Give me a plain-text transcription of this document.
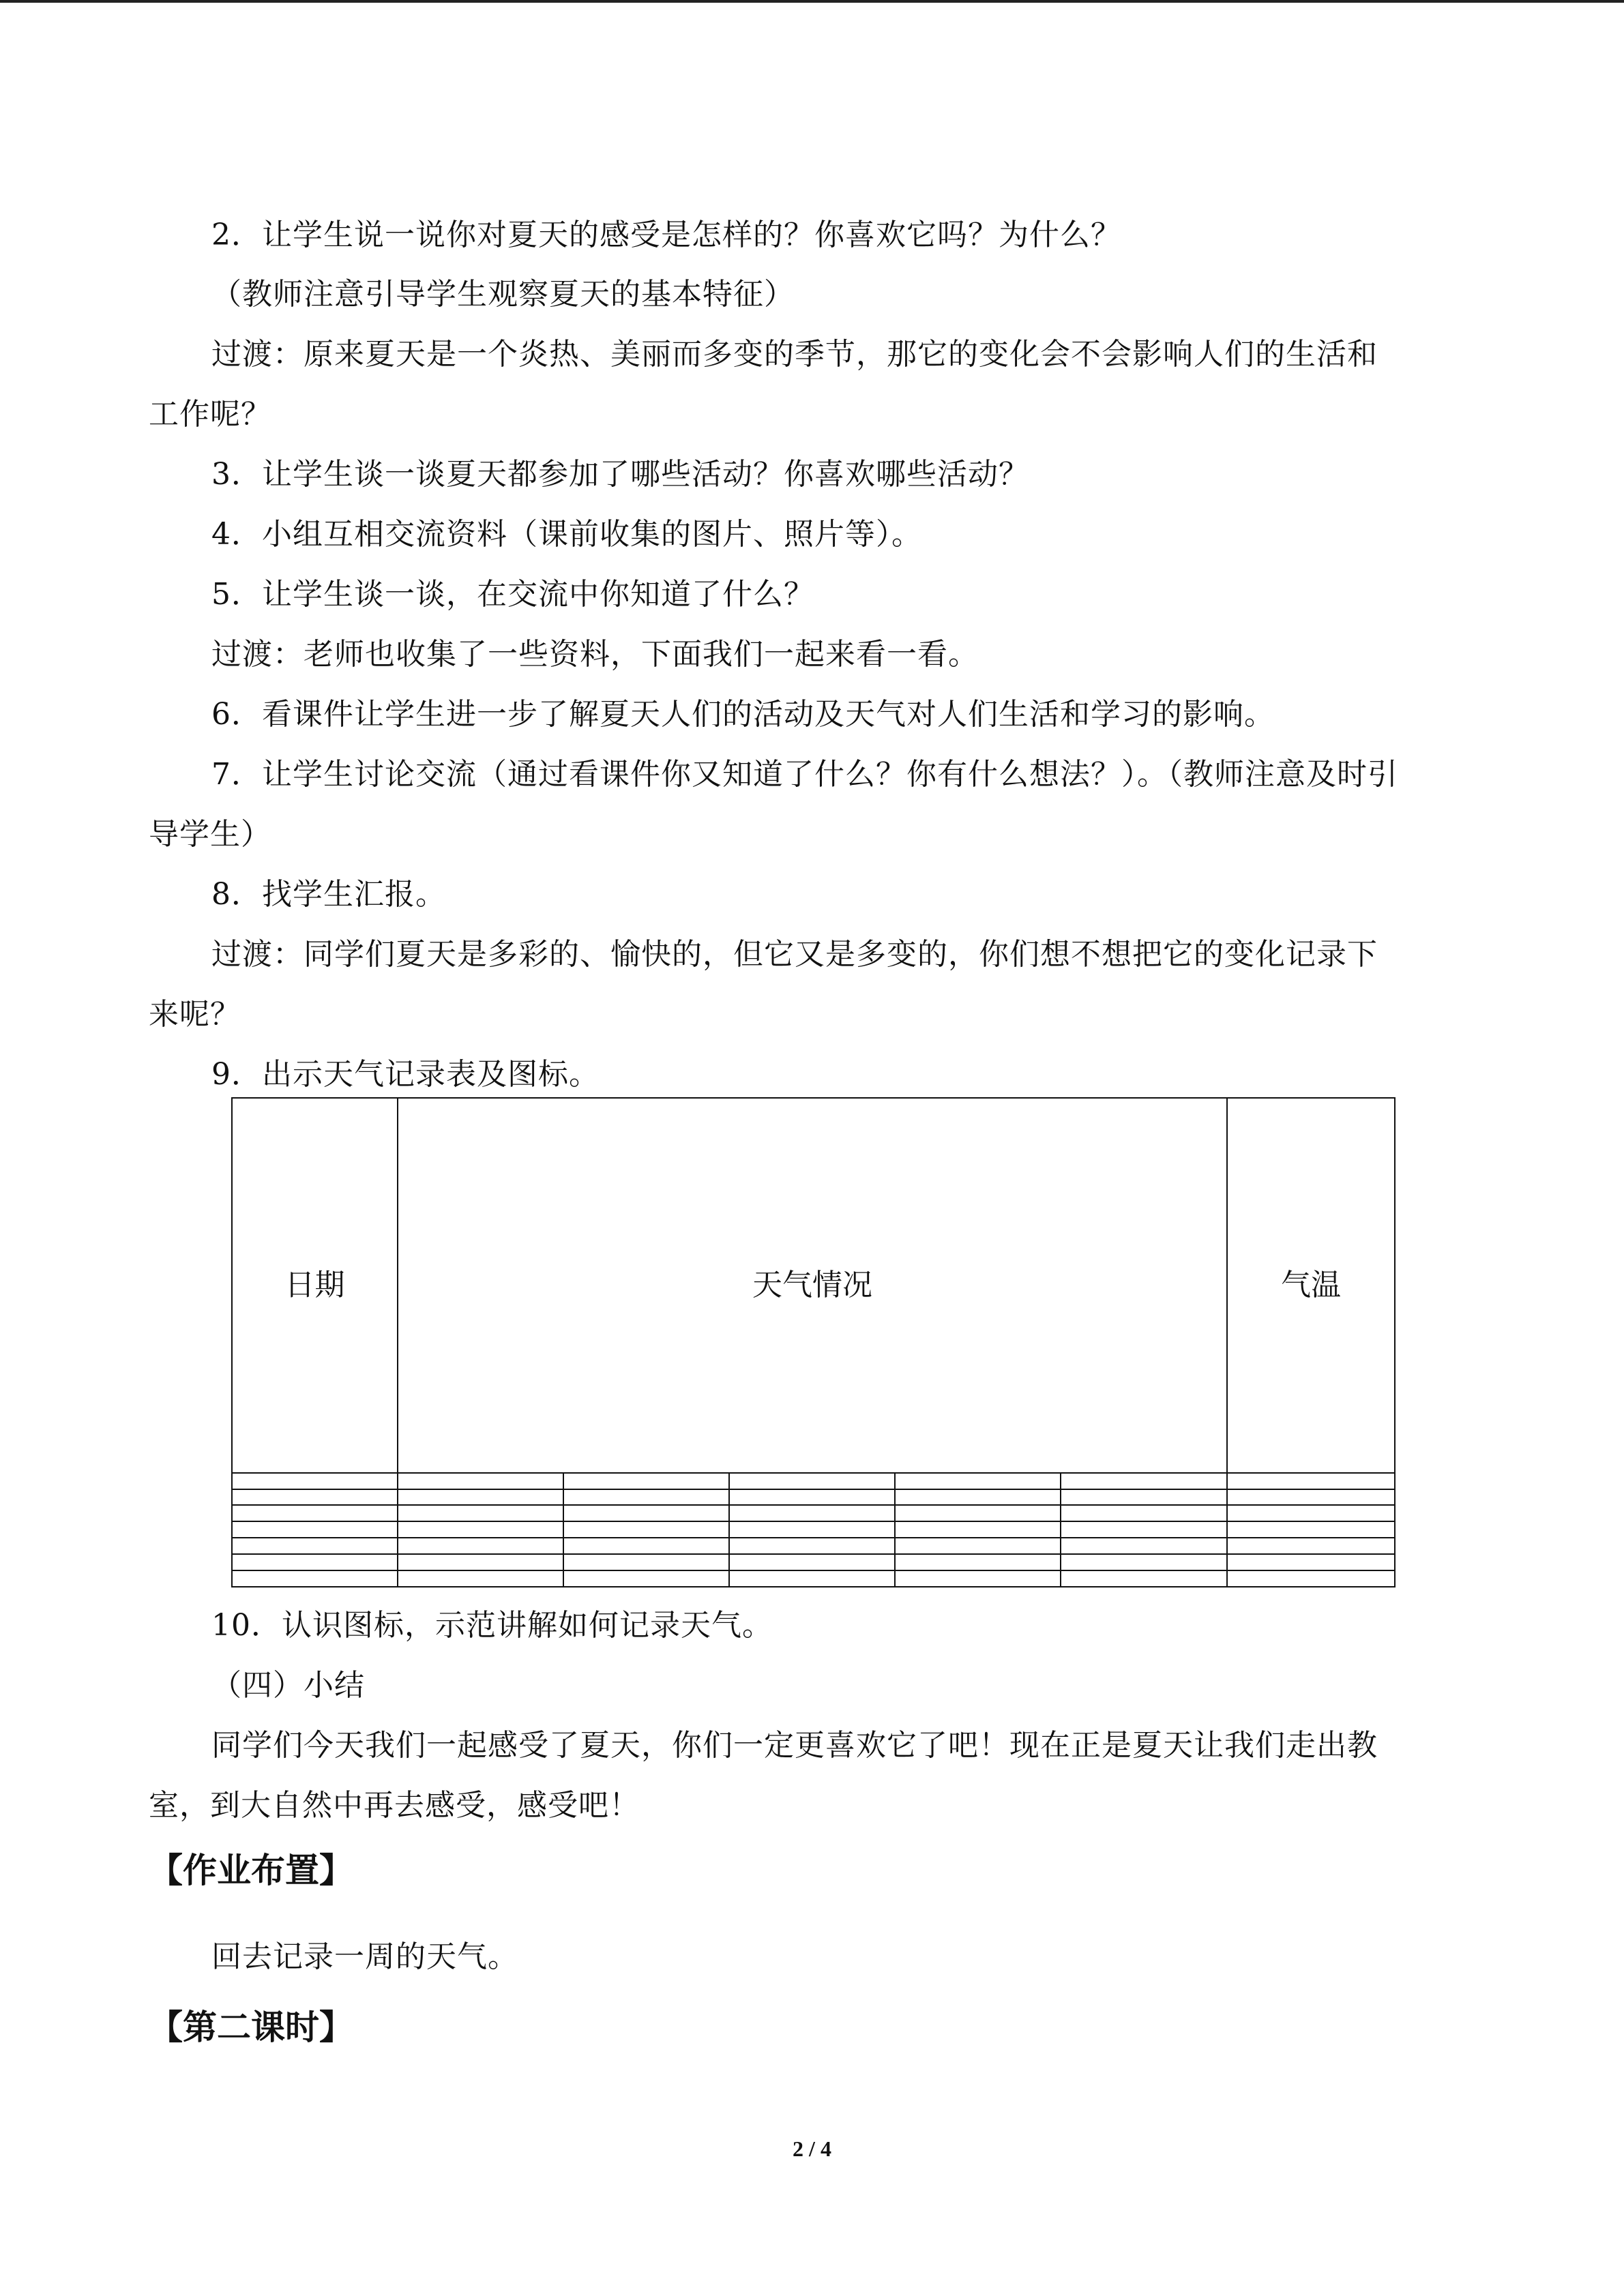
2．让学生说一说你对夏天的感受是怎样的？你喜欢它吗？为什么？
（教师注意引导学生观察夏天的基本特征）
过渡：原来夏天是一个炎热、美丽而多变的季节，那它的变化会不会影响人们的生活和
工作呢？
3．让学生谈一谈夏天都参加了哪些活动？你喜欢哪些活动？
4．小组互相交流资料（课前收集的图片、照片等）。
5．让学生谈一谈，在交流中你知道了什么？
过渡：老师也收集了一些资料，下面我们一起来看一看。
6．看课件让学生进一步了解夏天人们的活动及天气对人们生活和学习的影响。
7．让学生讨论交流（通过看课件你又知道了什么？你有什么想法？）。（教师注意及时引
导学生）
8．找学生汇报。
过渡：同学们夏天是多彩的、愉快的，但它又是多变的，你们想不想把它的变化记录下
来呢？
9．出示天气记录表及图标。
日期	天气情况					气温

10．认识图标，示范讲解如何记录天气。
（四）小结
同学们今天我们一起感受了夏天，你们一定更喜欢它了吧！现在正是夏天让我们走出教
室，到大自然中再去感受，感受吧！
【作业布置】
回去记录一周的天气。
【第二课时】
2 / 4
